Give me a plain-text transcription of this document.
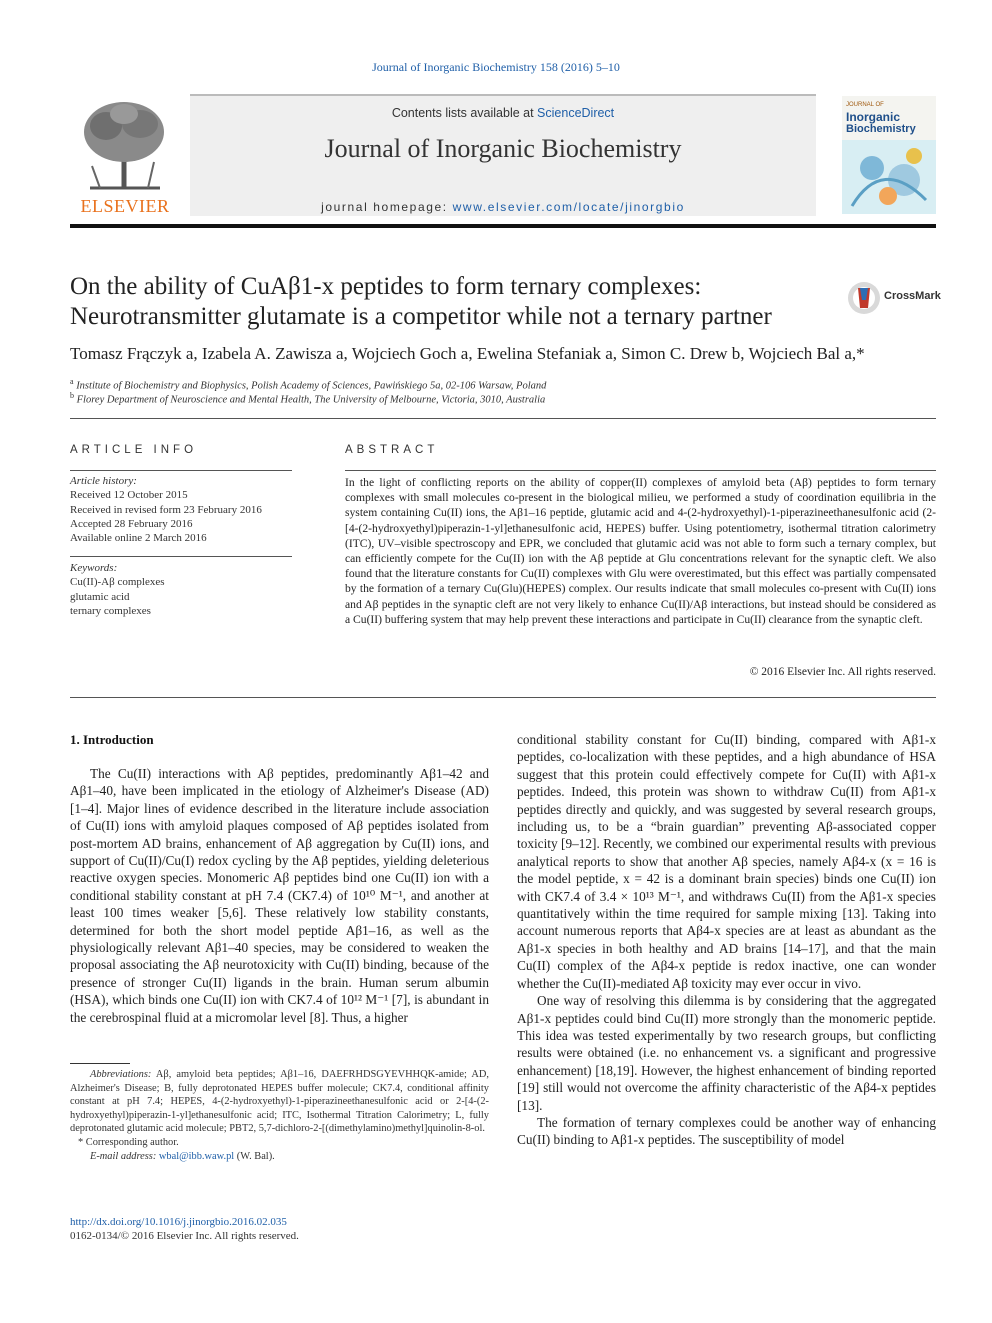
Journal of Inorganic Biochemistry 158 (2016) 5–10
ELSEVIER
Contents lists available at ScienceDirect
Journal of Inorganic Biochemistry
journal homepage: www.elsevier.com/locate/jinorgbio
JOURNAL OF
Inorganic
Biochemistry
On the ability of CuAβ1-x peptides to form ternary complexes:
Neurotransmitter glutamate is a competitor while not a ternary partner
CrossMark
Tomasz Frączyk a, Izabela A. Zawisza a, Wojciech Goch a, Ewelina Stefaniak a, Simon C. Drew b, Wojciech Bal a,*
$^a$ Institute of Biochemistry and Biophysics, Polish Academy of Sciences, Pawińskiego 5a, 02-106 Warsaw, Poland
$^b$ Florey Department of Neuroscience and Mental Health, The University of Melbourne, Victoria, 3010, Australia
ARTICLE INFO
Article history:
Received 12 October 2015
Received in revised form 23 February 2016
Accepted 28 February 2016
Available online 2 March 2016
Keywords:
Cu(II)-Aβ complexes
glutamic acid
ternary complexes
ABSTRACT
In the light of conflicting reports on the ability of copper(II) complexes of amyloid beta (Aβ) peptides to form ternary complexes with small molecules co-present in the biological milieu, we performed a study of coordination equilibria in the system containing Cu(II) ions, the Aβ1–16 peptide, glutamic acid and 4-(2-hydroxyethyl)-1-piperazineethanesulfonic acid (2-[4-(2-hydroxyethyl)piperazin-1-yl]ethanesulfonic acid, HEPES) buffer. Using potentiometry, isothermal titration calorimetry (ITC), UV–visible spectroscopy and EPR, we concluded that glutamic acid was not able to form such a ternary complex, but can efficiently compete for the Cu(II) ion with the Aβ peptide at Glu concentrations relevant for the synaptic cleft. We also found that the literature constants for Cu(II) complexes with Glu were overestimated, but this effect was partially compensated by the formation of a ternary Cu(Glu)(HEPES) complex. Our results indicate that small molecules co-present with Cu(II) ions and Aβ peptides in the synaptic cleft are not very likely to enhance Cu(II)/Aβ interactions, but instead should be considered as a Cu(II) buffering system that may help prevent these interactions and participate in Cu(II) clearance from the synaptic cleft.
© 2016 Elsevier Inc. All rights reserved.
1. Introduction

The Cu(II) interactions with Aβ peptides, predominantly Aβ1–42 and Aβ1–40, have been implicated in the etiology of Alzheimer's Disease (AD) [1–4]. Major lines of evidence described in the literature include association of Cu(II) ions with amyloid plaques composed of Aβ peptides isolated from post-mortem AD brains, enhancement of Aβ aggregation by Cu(II) ions, and support of Cu(II)/Cu(I) redox cycling by the Aβ peptides, yielding deleterious reactive oxygen species. Monomeric Aβ peptides bind one Cu(II) ion with a conditional stability constant at pH 7.4 (CK7.4) of 10¹⁰ M⁻¹, and another at least 100 times weaker [5,6]. These relatively low stability constants, determined for both the short model peptide Aβ1–16, as well as the physiologically relevant Aβ1–40 species, may be considered to weaken the proposal associating the Aβ neurotoxicity with Cu(II) binding, because of the presence of stronger Cu(II) ligands in the brain. Human serum albumin (HSA), which binds one Cu(II) ion with CK7.4 of 10¹² M⁻¹ [7], is abundant in the cerebrospinal fluid at a micromolar level [8]. Thus, a higher

Abbreviations: Aβ, amyloid beta peptides; Aβ1–16, DAEFRHDSGYEVHHQK-amide; AD, Alzheimer's Disease; B, fully deprotonated HEPES buffer molecule; CK7.4, conditional affinity constant at pH 7.4; HEPES, 4-(2-hydroxyethyl)-1-piperazineethanesulfonic acid or 2-[4-(2-hydroxyethyl)piperazin-1-yl]ethanesulfonic acid; ITC, Isothermal Titration Calorimetry; L, fully deprotonated glutamic acid molecule; PBT2, 5,7-dichloro-2-[(dimethylamino)methyl]quinolin-8-ol.
* Corresponding author.
E-mail address: wbal@ibb.waw.pl (W. Bal).

conditional stability constant for Cu(II) binding, compared with Aβ1-x peptides, co-localization with these peptides, and a high abundance of HSA suggest that this protein could effectively compete for Cu(II) with Aβ1-x peptides. Indeed, this protein was shown to withdraw Cu(II) from Aβ1-x peptides directly and quickly, and was suggested by several research groups, including us, to be a “brain guardian” preventing Aβ-associated copper toxicity [9–12]. Recently, we combined our experimental results with previous analytical reports to show that another Aβ species, namely Aβ4-x (x = 16 is the model peptide, x = 42 is a dominant brain species) binds one Cu(II) ion with CK7.4 of 3.4 × 10¹³ M⁻¹, and withdraws Cu(II) from the Aβ1-x species quantitatively within the time required for sample mixing [13]. Taking into account numerous reports that Aβ4-x species are at least as abundant as the Aβ1-x species in both healthy and AD brains [14–17], and that the main Cu(II) complex of the Aβ4-x peptide is redox inactive, one can wonder whether the Cu(II)-mediated Aβ toxicity may ever occur in vivo.

One way of resolving this dilemma is by considering that the aggregated Aβ1-x peptides could bind Cu(II) more strongly than the monomeric peptide. This idea was tested experimentally by two research groups, but conflicting results were obtained (i.e. no enhancement vs. a significant and progressive enhancement) [18,19]. However, the highest enhancement of binding reported [19] still would not overcome the affinity characteristic of the Aβ4-x peptides [13].

The formation of ternary complexes could be another way of enhancing Cu(II) binding to Aβ1-x peptides. The susceptibility of model

http://dx.doi.org/10.1016/j.jinorgbio.2016.02.035
0162-0134/© 2016 Elsevier Inc. All rights reserved.
